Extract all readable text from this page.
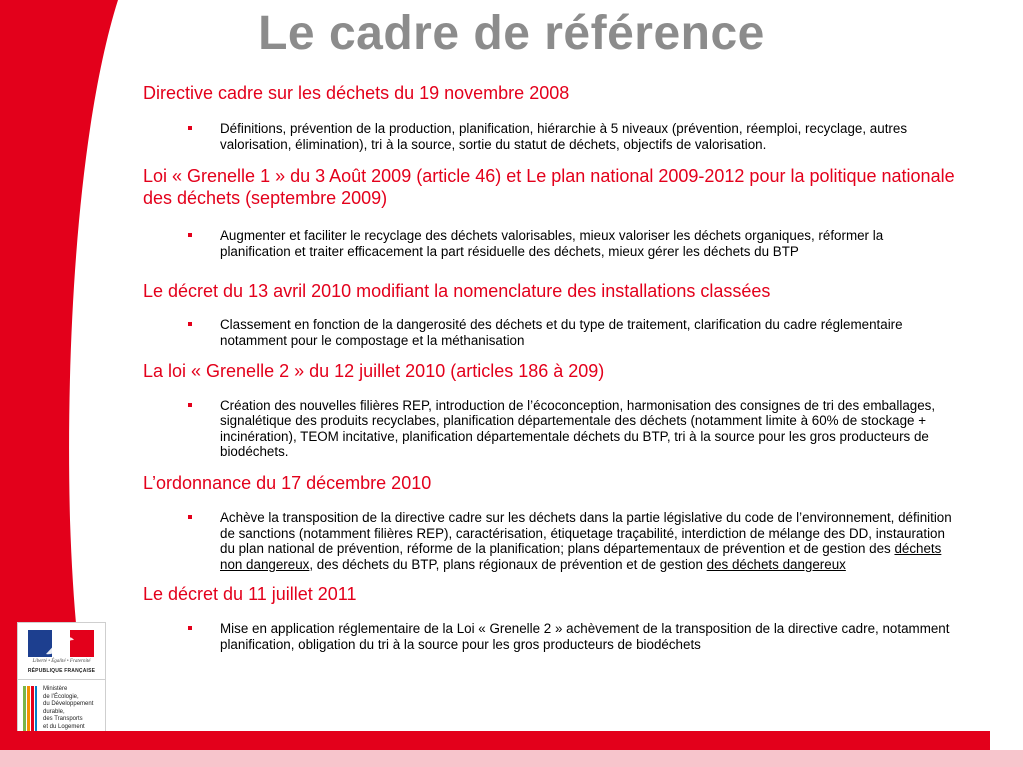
Le cadre de référence

Directive cadre sur les déchets du 19 novembre 2008

Définitions, prévention de la production, planification, hiérarchie à 5 niveaux (prévention, réemploi, recyclage, autres valorisation, élimination), tri à la source, sortie du statut de déchets, objectifs de valorisation.

Loi « Grenelle 1 » du 3 Août 2009 (article 46) et Le plan national 2009-2012 pour la politique nationale des déchets (septembre 2009)

Augmenter et faciliter le recyclage des déchets valorisables, mieux valoriser les déchets organiques, réformer la planification et traiter efficacement la part résiduelle des déchets, mieux gérer les déchets du BTP

Le décret du 13 avril 2010 modifiant la nomenclature des installations classées

Classement en fonction de la dangerosité des déchets et du type de traitement, clarification du cadre réglementaire notamment pour le compostage et la méthanisation

La loi « Grenelle 2 » du 12 juillet 2010 (articles 186 à 209)

Création des nouvelles filières REP, introduction de l’écoconception, harmonisation des consignes de tri des emballages, signalétique des produits recyclabes, planification départementale des déchets (notamment limite à 60% de stockage + incinération), TEOM incitative, planification départementale déchets du BTP, tri à la source pour les gros producteurs de biodéchets.

L’ordonnance du 17 décembre 2010

Achève la transposition de la directive cadre sur les déchets dans la partie législative du code de l’environnement, définition de sanctions (notamment filières REP), caractérisation, étiquetage traçabilité, interdiction de mélange des DD, instauration du plan national de prévention, réforme de la planification; plans départementaux de prévention et de gestion des déchets non dangereux, des déchets du BTP, plans régionaux de prévention et de gestion des déchets dangereux

Le décret du 11 juillet 2011

Mise en application réglementaire de la Loi « Grenelle 2 » achèvement de la transposition de la directive cadre, notamment planification, obligation du tri à la source pour les gros producteurs de biodéchets
Liberté • Égalité • Fraternité
RÉPUBLIQUE FRANÇAISE
Ministère
de l’Écologie,
du Développement
durable,
des Transports
et du Logement
